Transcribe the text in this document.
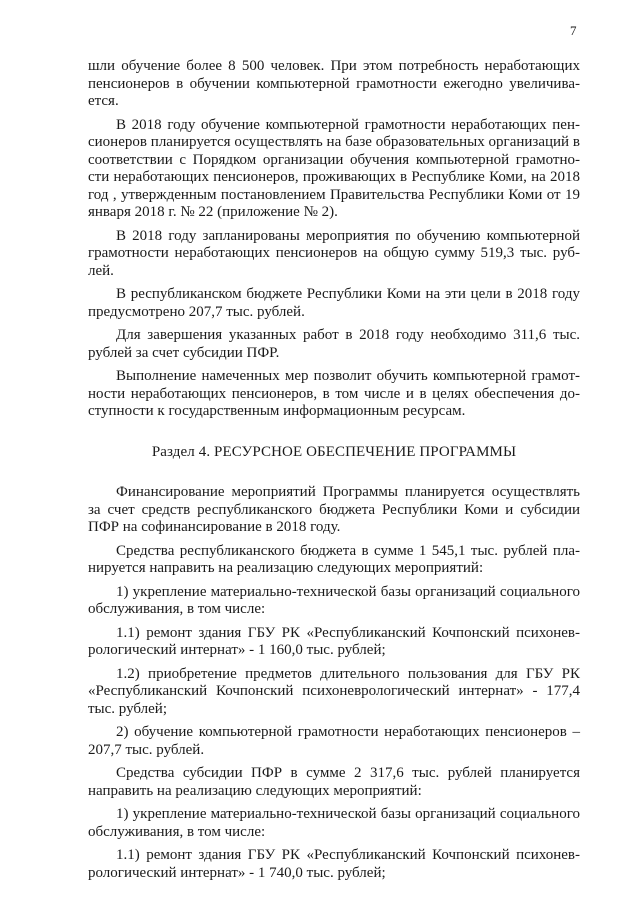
7

шли обучение более 8 500 человек. При этом потребность неработающих
пенсионеров в обучении компьютерной грамотности ежегодно увеличива-
ется.

В 2018 году обучение компьютерной грамотности неработающих пен-
сионеров планируется осуществлять на базе образовательных организаций в
соответствии с Порядком организации обучения компьютерной грамотно-
сти неработающих пенсионеров, проживающих в Республике Коми, на 2018
год , утвержденным постановлением Правительства Республики Коми от 19
января 2018 г. № 22 (приложение № 2).

В 2018 году запланированы мероприятия по обучению компьютерной
грамотности неработающих пенсионеров на общую сумму 519,3 тыс. руб-
лей.

В республиканском бюджете Республики Коми на эти цели в 2018 году
предусмотрено 207,7 тыс. рублей.

Для завершения указанных работ в 2018 году необходимо 311,6 тыс.
рублей за счет субсидии ПФР.

Выполнение намеченных мер позволит обучить компьютерной грамот-
ности неработающих пенсионеров, в том числе и в целях обеспечения до-
ступности к государственным информационным ресурсам.

Раздел 4. РЕСУРСНОЕ ОБЕСПЕЧЕНИЕ ПРОГРАММЫ

Финансирование мероприятий Программы планируется осуществлять
за счет средств республиканского бюджета Республики Коми и субсидии
ПФР на софинансирование в 2018 году.

Средства республиканского бюджета в сумме 1 545,1 тыс. рублей пла-
нируется направить на реализацию следующих мероприятий:

1) укрепление материально-технической базы организаций социального
обслуживания, в том числе:

1.1) ремонт здания ГБУ РК «Республиканский Кочпонский психонев-
рологический интернат» - 1 160,0 тыс. рублей;

1.2) приобретение предметов длительного пользования для ГБУ РК
«Республиканский Кочпонский психоневрологический интернат» - 177,4
тыс. рублей;

2) обучение компьютерной грамотности неработающих пенсионеров –
207,7 тыс. рублей.

Средства субсидии ПФР в сумме 2 317,6 тыс. рублей планируется
направить на реализацию следующих мероприятий:

1) укрепление материально-технической базы организаций социального
обслуживания, в том числе:

1.1) ремонт здания ГБУ РК «Республиканский Кочпонский психонев-
рологический интернат» - 1 740,0 тыс. рублей;
